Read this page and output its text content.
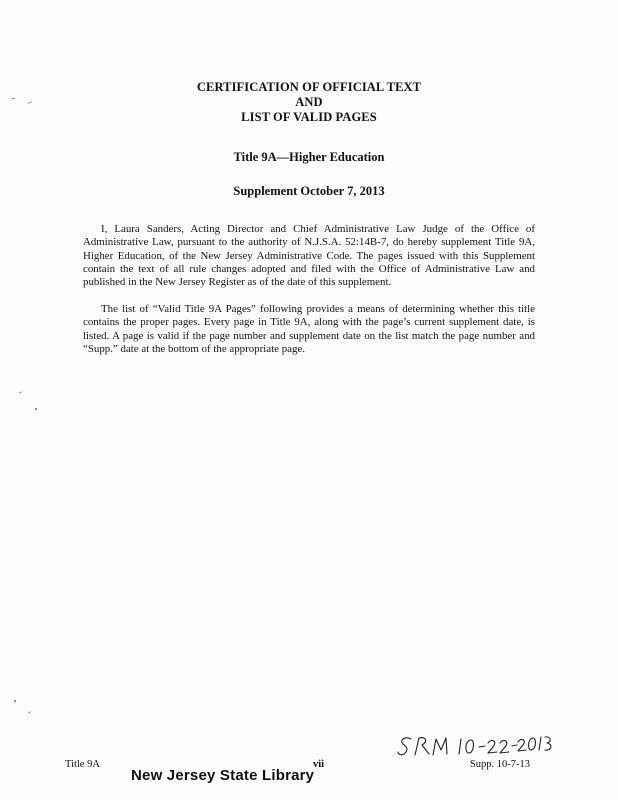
CERTIFICATION OF OFFICIAL TEXT
AND
LIST OF VALID PAGES
Title 9A—Higher Education
Supplement October 7, 2013

I, Laura Sanders, Acting Director and Chief Administrative Law Judge of the Office of Administrative Law, pursuant to the authority of N.J.S.A. 52:14B-7, do hereby supplement Title 9A, Higher Education, of the New Jersey Administrative Code. The pages issued with this Supplement contain the text of all rule changes adopted and filed with the Office of Administrative Law and published in the New Jersey Register as of the date of this supplement.

The list of “Valid Title 9A Pages” following provides a means of determining whether this title contains the proper pages. Every page in Title 9A, along with the page’s current supplement date, is listed. A page is valid if the page number and supplement date on the list match the page number and “Supp.” date at the bottom of the appropriate page.

Title 9A	vii	Supp. 10-7-13
New Jersey State Library
